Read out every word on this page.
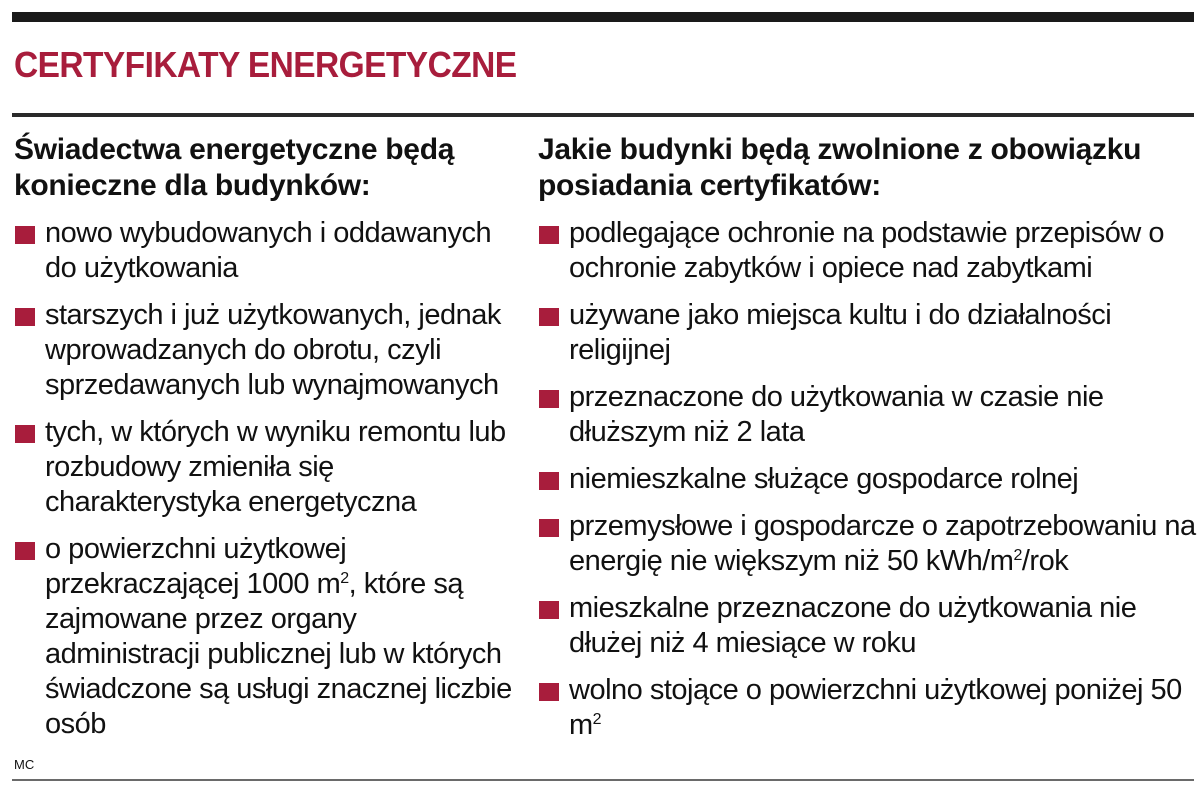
CERTYFIKATY ENERGETYCZNE
Świadectwa energetyczne będą konieczne dla budynków:
nowo wybudowanych i oddawanych do użytkowania
starszych i już użytkowanych, jednak wprowadzanych do obrotu, czyli sprzedawanych lub wynajmowanych
tych, w których w wyniku remontu lub rozbudowy zmieniła się charakterystyka energetyczna
o powierzchni użytkowej przekraczającej 1000 $m^2$, które są zajmowane przez organy administracji publicznej lub w których świadczone są usługi znacznej liczbie osób
Jakie budynki będą zwolnione z obowiązku posiadania certyfikatów:
podlegające ochronie na podstawie przepisów o ochronie zabytków i opiece nad zabytkami
używane jako miejsca kultu i do działalności religijnej
przeznaczone do użytkowania w czasie nie dłuższym niż 2 lata
niemieszkalne służące gospodarce rolnej
przemysłowe i gospodarcze o zapotrzebowaniu na energię nie większym niż 50 kWh/$m^2$/rok
mieszkalne przeznaczone do użytkowania nie dłużej niż 4 miesiące w roku
wolno stojące o powierzchni użytkowej poniżej 50 $m^2$
MC
